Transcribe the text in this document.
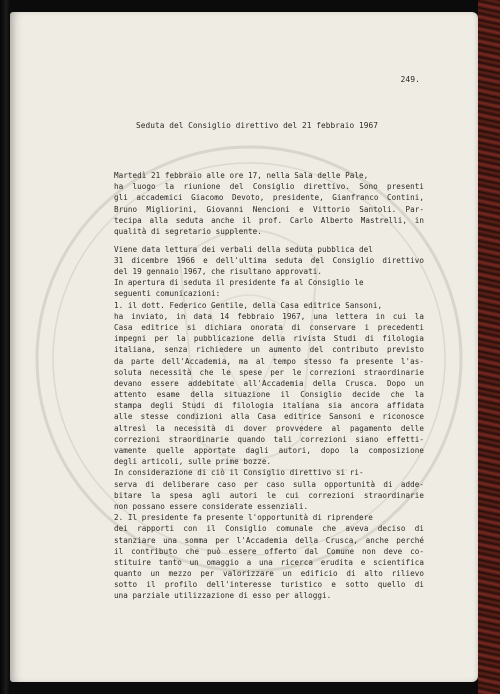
249.
Seduta del Consiglio direttivo del 21 febbraio 1967
Martedì 21 febbraio alle ore 17, nella Sala delle Pale,
ha luogo la riunione del Consiglio direttivo. Sono presenti
gli accademici Giacomo Devoto, presidente, Gianfranco Contini,
Bruno Migliorini, Giovanni Nencioni e Vittorio Santoli. Par-
tecipa alla seduta anche il prof. Carlo Alberto Mastrelli, in
qualità di segretario supplente.
Viene data lettura dei verbali della seduta pubblica del
31 dicembre 1966 e dell'ultima seduta del Consiglio direttivo
del 19 gennaio 1967, che risultano approvati.
In apertura di seduta il presidente fa al Consiglio le
seguenti comunicazioni:
1. il dott. Federico Gentile, della Casa editrice Sansoni,
ha inviato, in data 14 febbraio 1967, una lettera in cui la
Casa editrice si dichiara onorata di conservare i precedenti
impegni per la pubblicazione della rivista Studi di filologia
italiana, senza richiedere un aumento del contributo previsto
da parte dell'Accademia, ma al tempo stesso fa presente l'as-
soluta necessità che le spese per le correzioni straordinarie
devano essere addebitate all'Accademia della Crusca. Dopo un
attento esame della situazione il Consiglio decide che la
stampa degli Studi di filologia italiana sia ancora affidata
alle stesse condizioni alla Casa editrice Sansoni e riconosce
altresì la necessità di dover provvedere al pagamento delle
correzioni straordinarie quando tali correzioni siano effetti-
vamente quelle apportate dagli autori, dopo la composizione
degli articoli, sulle prime bozze.
In considerazione di ciò il Consiglio direttivo si ri-
serva di deliberare caso per caso sulla opportunità di adde-
bitare la spesa agli autori le cui correzioni straordinarie
non possano essere considerate essenziali.
2. Il presidente fa presente l'opportunità di riprendere
dei rapporti con il Consiglio comunale che aveva deciso di
stanziare una somma per l'Accademia della Crusca, anche perché
il contributo che può essere offerto dal Comune non deve co-
stituire tanto un omaggio a una ricerca erudita e scientifica
quanto un mezzo per valorizzare un edificio di alto rilievo
sotto il profilo dell'interesse turistico e sotto quello di
una parziale utilizzazione di esso per alloggi.
